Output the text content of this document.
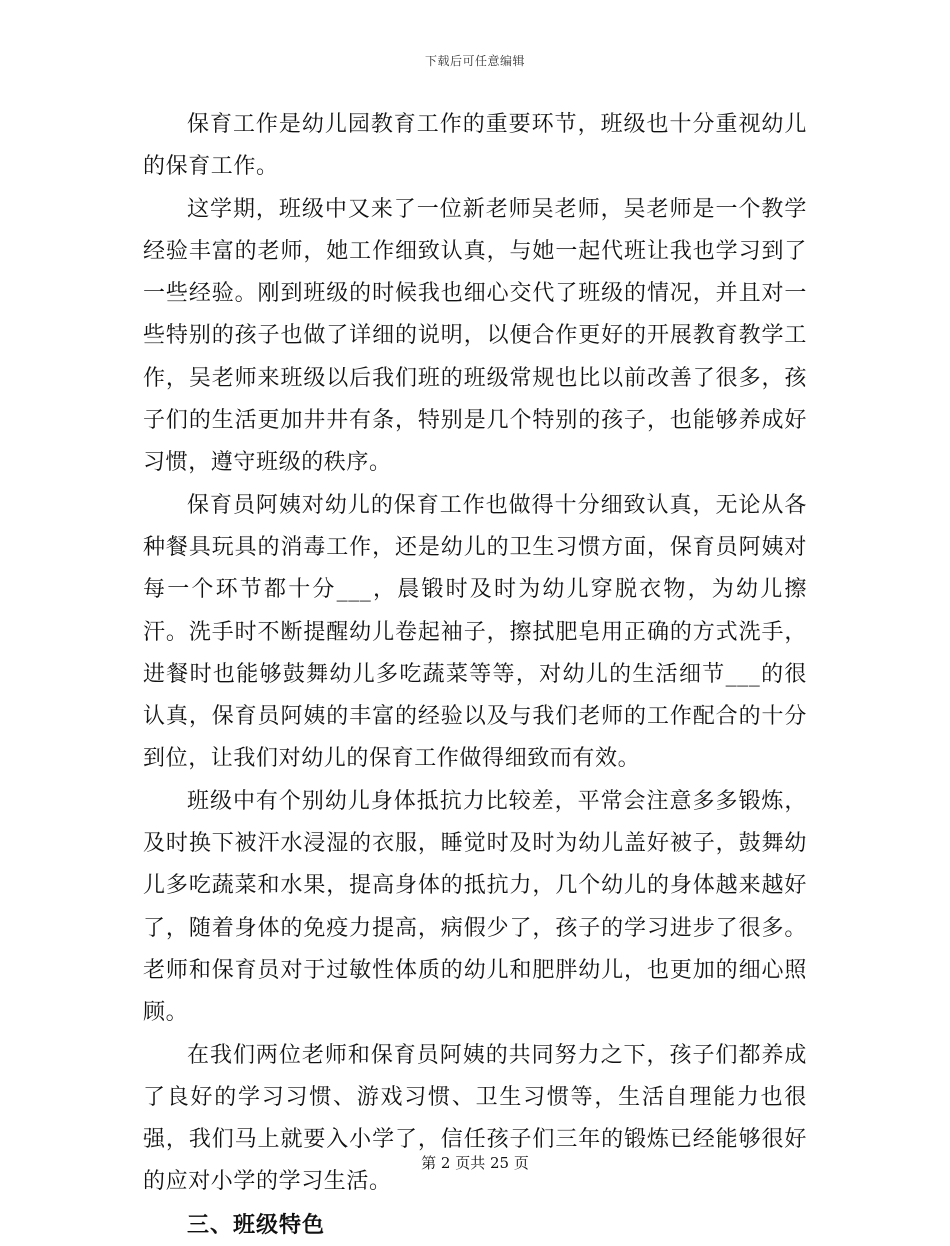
下载后可任意编辑

保育工作是幼儿园教育工作的重要环节，班级也十分重视幼儿的保育工作。

这学期，班级中又来了一位新老师吴老师，吴老师是一个教学经验丰富的老师，她工作细致认真，与她一起代班让我也学习到了一些经验。刚到班级的时候我也细心交代了班级的情况，并且对一些特别的孩子也做了详细的说明，以便合作更好的开展教育教学工作，吴老师来班级以后我们班的班级常规也比以前改善了很多，孩子们的生活更加井井有条，特别是几个特别的孩子，也能够养成好习惯，遵守班级的秩序。

保育员阿姨对幼儿的保育工作也做得十分细致认真，无论从各种餐具玩具的消毒工作，还是幼儿的卫生习惯方面，保育员阿姨对每一个环节都十分___，晨锻时及时为幼儿穿脱衣物，为幼儿擦汗。洗手时不断提醒幼儿卷起袖子，擦拭肥皂用正确的方式洗手，进餐时也能够鼓舞幼儿多吃蔬菜等等，对幼儿的生活细节___的很认真，保育员阿姨的丰富的经验以及与我们老师的工作配合的十分到位，让我们对幼儿的保育工作做得细致而有效。

班级中有个别幼儿身体抵抗力比较差，平常会注意多多锻炼，及时换下被汗水浸湿的衣服，睡觉时及时为幼儿盖好被子，鼓舞幼儿多吃蔬菜和水果，提高身体的抵抗力，几个幼儿的身体越来越好了，随着身体的免疫力提高，病假少了，孩子的学习进步了很多。老师和保育员对于过敏性体质的幼儿和肥胖幼儿，也更加的细心照顾。

在我们两位老师和保育员阿姨的共同努力之下，孩子们都养成了良好的学习习惯、游戏习惯、卫生习惯等，生活自理能力也很强，我们马上就要入小学了，信任孩子们三年的锻炼已经能够很好的应对小学的学习生活。

三、班级特色

第 2 页共 25 页
